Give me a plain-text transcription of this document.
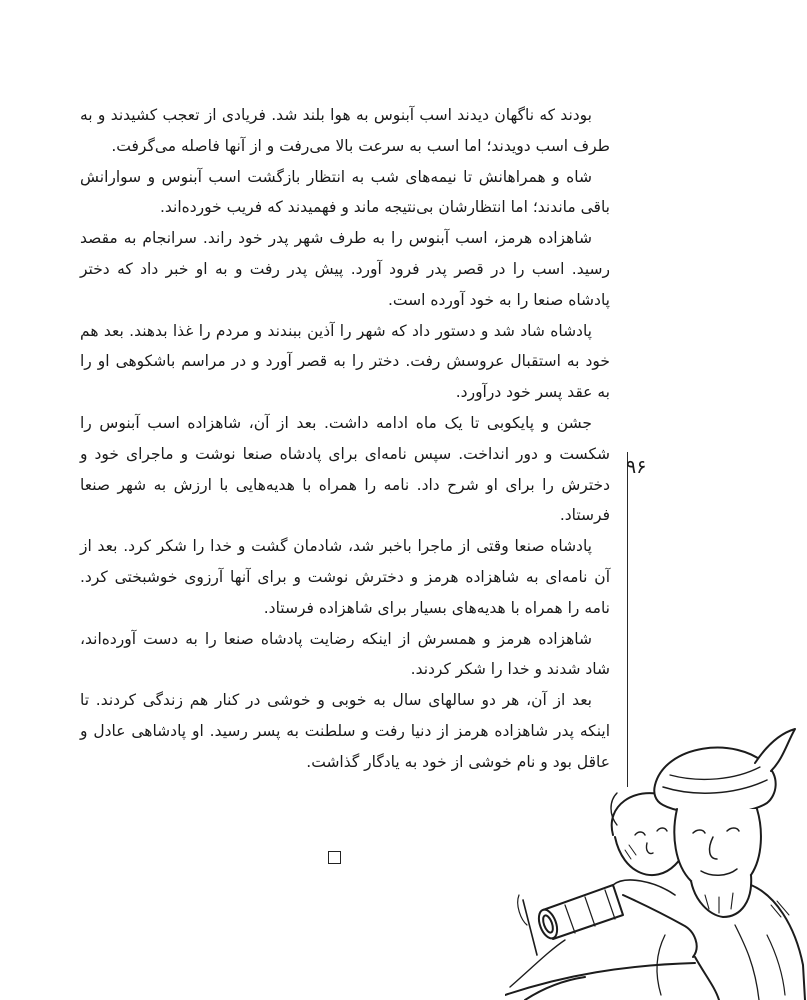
بودند که ناگهان دیدند اسب آبنوس به هوا بلند شد. فریادی از تعجب کشیدند و به طرف اسب دویدند؛ اما اسب به سرعت بالا می‌رفت و از آنها فاصله می‌گرفت.

شاه و همراهانش تا نیمه‌های شب به انتظار بازگشت اسب آبنوس و سوارانش باقی ماندند؛ اما انتظارشان بی‌نتیجه ماند و فهمیدند که فریب خورده‌اند.

شاهزاده هرمز، اسب آبنوس را به طرف شهر پدر خود راند. سرانجام به مقصد رسید. اسب را در قصر پدر فرود آورد. پیش پدر رفت و به او خبر داد که دختر پادشاه صنعا را به خود آورده است.

پادشاه شاد شد و دستور داد که شهر را آذین ببندند و مردم را غذا بدهند. بعد هم خود به استقبال عروسش رفت. دختر را به قصر آورد و در مراسم باشکوهی او را به عقد پسر خود درآورد.

جشن و پایکوبی تا یک ماه ادامه داشت. بعد از آن، شاهزاده اسب آبنوس را شکست و دور انداخت. سپس نامه‌ای برای پادشاه صنعا نوشت و ماجرای خود و دخترش را برای او شرح داد. نامه را همراه با هدیه‌هایی با ارزش به شهر صنعا فرستاد.

پادشاه صنعا وقتی از ماجرا باخبر شد، شادمان گشت و خدا را شکر کرد. بعد از آن نامه‌ای به شاهزاده هرمز و دخترش نوشت و برای آنها آرزوی خوشبختی کرد. نامه را همراه با هدیه‌های بسیار برای شاهزاده فرستاد.

شاهزاده هرمز و همسرش از اینکه رضایت پادشاه صنعا را به دست آورده‌اند، شاد شدند و خدا را شکر کردند.

بعد از آن، هر دو سالهای سال به خوبی و خوشی در کنار هم زندگی کردند. تا اینکه پدر شاهزاده هرمز از دنیا رفت و سلطنت به پسر رسید. او پادشاهی عادل و عاقل بود و نام خوشی از خود به یادگار گذاشت.

۹۶
